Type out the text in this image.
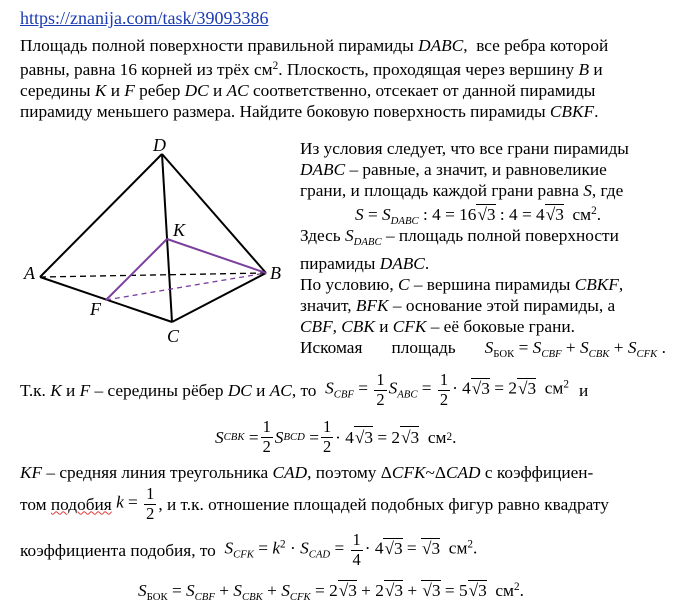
https://znanija.com/task/39093386
Площадь полной поверхности правильной пирамиды DABC,  все ребра которой
равны, равна 16 корней из трёх $см^2$. Плоскость, проходящая через вершину B и
середины K и F ребер DC и AC соответственно, отсекает от данной пирамиды
пирамиду меньшего размера. Найдите боковую поверхность пирамиды CBKF.
D
K
A	B
F
C
Из условия следует, что все грани пирамиды
DABC – равные, а значит, и равновеликие
грани, и площадь каждой грани равна S, где
$S = S_{DABC}$ : 4 = 16√3 : 4 = 4√3  $см^2$.
Здесь $S_{DABC}$ – площадь полной поверхности
пирамиды DABC.
По условию, C – вершина пирамиды CBKF,
значит, BFK – основание этой пирамиды, а
CBF, CBK и CFK – её боковые грани.
Искомая площадь $S_{БОК} = S_{CBF} + S_{CBK} + S_{CFK}$ .
Т.к. K и F – середины рёбер DC и AC, то $S_{CBF} = \frac{1}{2} S_{ABC} = \frac{1}{2} \cdot 4√3 = 2√3$  $см^2$ и
S CBK = $\frac{1}{2}$ S BCD = $\frac{1}{2} \cdot 4$ √3 = 2 √3 см 2 .
KF – средняя линия треугольника CAD, поэтому ΔCFK~ΔCAD с коэффициен-
том
подобия
$k = \frac{1}{2}$ , и т.к. отношение площадей подобных фигур равно квадрату
коэффициента подобия, то
$S_{CFK} = k^2 \cdot S_{CAD} = \frac{1}{4} \cdot 4√3 = √3$  $см^2$.
$S_{БОК} = S_{CBF} + S_{CBK} + S_{CFK} = 2√3 + 2√3 + √3 = 5√3$  $см^2$.
